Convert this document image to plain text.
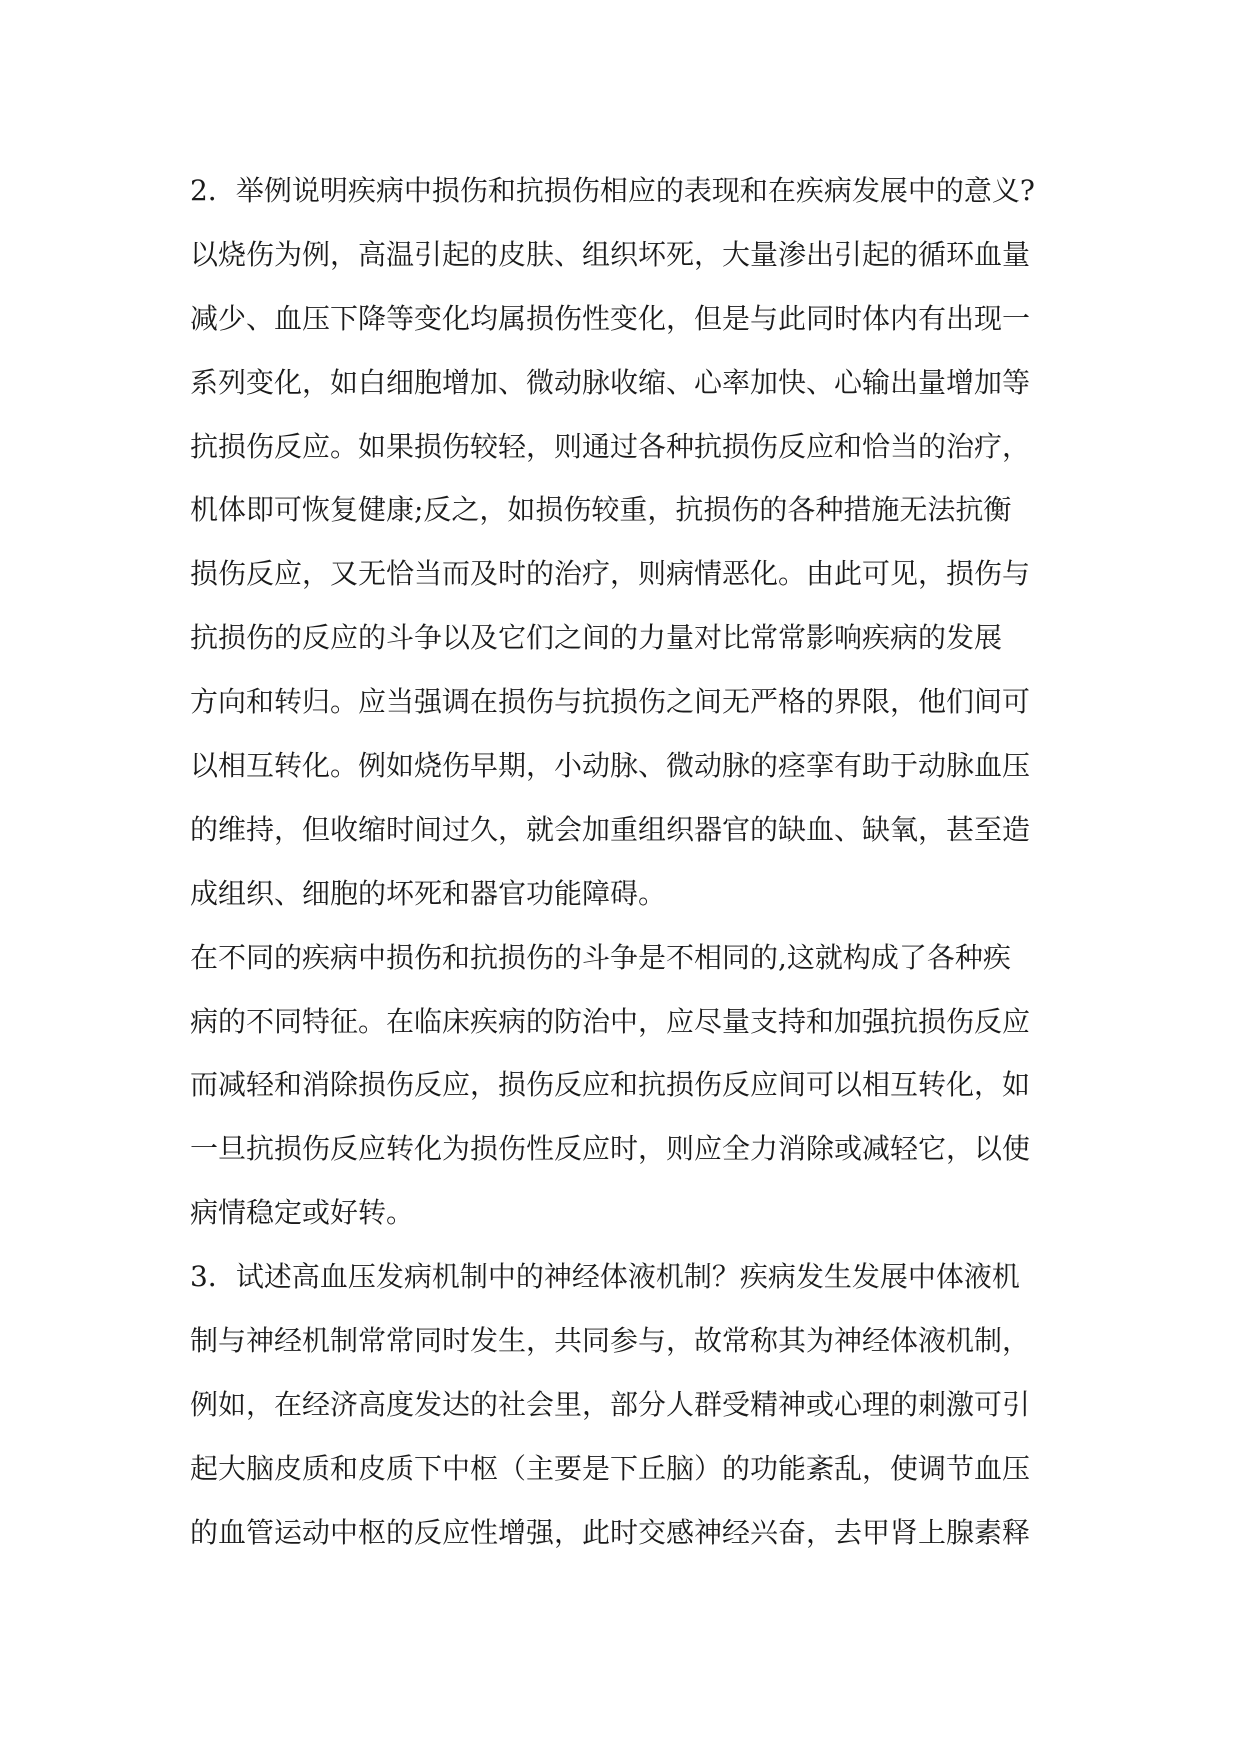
2．举例说明疾病中损伤和抗损伤相应的表现和在疾病发展中的意义?
以烧伤为例，高温引起的皮肤、组织坏死，大量渗出引起的循环血量
减少、血压下降等变化均属损伤性变化，但是与此同时体内有出现一
系列变化，如白细胞增加、微动脉收缩、心率加快、心输出量增加等
抗损伤反应。如果损伤较轻，则通过各种抗损伤反应和恰当的治疗，
机体即可恢复健康;反之，如损伤较重，抗损伤的各种措施无法抗衡
损伤反应，又无恰当而及时的治疗，则病情恶化。由此可见，损伤与
抗损伤的反应的斗争以及它们之间的力量对比常常影响疾病的发展
方向和转归。应当强调在损伤与抗损伤之间无严格的界限，他们间可
以相互转化。例如烧伤早期，小动脉、微动脉的痉挛有助于动脉血压
的维持，但收缩时间过久，就会加重组织器官的缺血、缺氧，甚至造
成组织、细胞的坏死和器官功能障碍。
在不同的疾病中损伤和抗损伤的斗争是不相同的,这就构成了各种疾
病的不同特征。在临床疾病的防治中，应尽量支持和加强抗损伤反应
而减轻和消除损伤反应，损伤反应和抗损伤反应间可以相互转化，如
一旦抗损伤反应转化为损伤性反应时，则应全力消除或减轻它，以使
病情稳定或好转。
3．试述高血压发病机制中的神经体液机制？疾病发生发展中体液机
制与神经机制常常同时发生，共同参与，故常称其为神经体液机制，
例如，在经济高度发达的社会里，部分人群受精神或心理的刺激可引
起大脑皮质和皮质下中枢（主要是下丘脑）的功能紊乱，使调节血压
的血管运动中枢的反应性增强，此时交感神经兴奋，去甲肾上腺素释
